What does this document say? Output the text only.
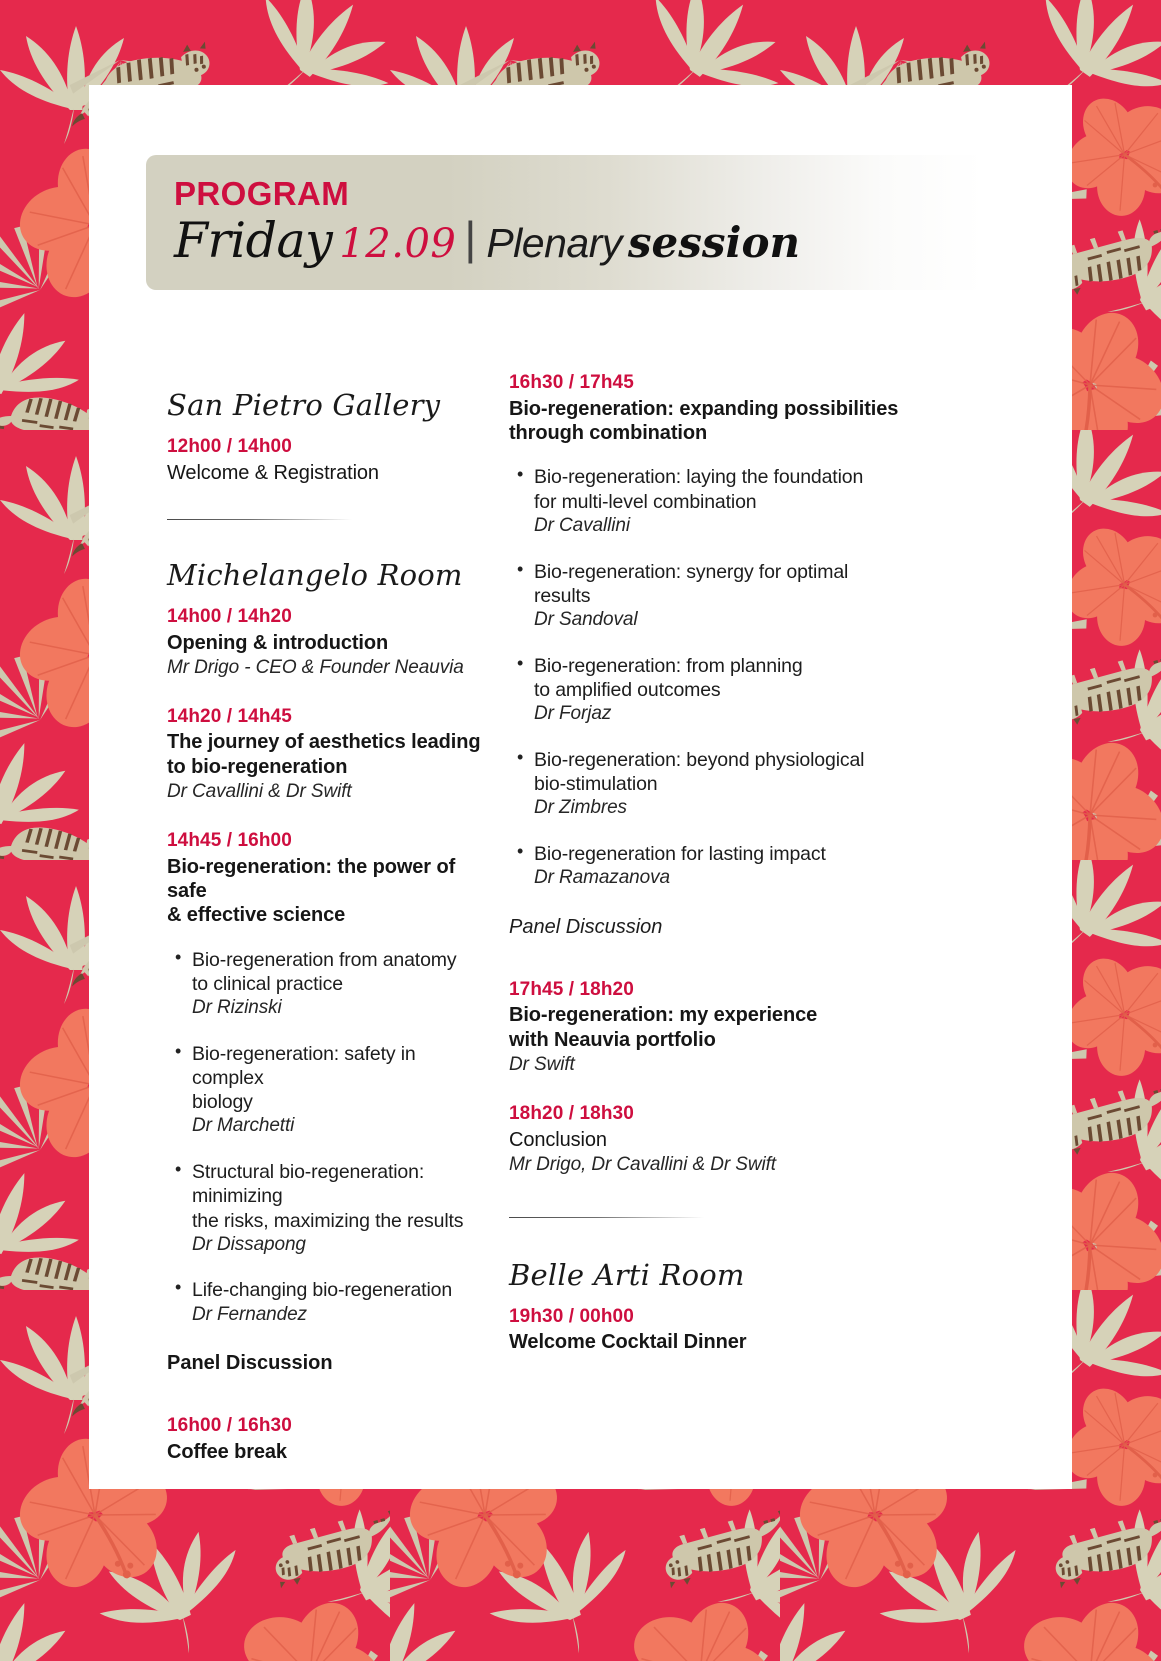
PROGRAM
Friday 12.09 | Plenary session
San Pietro Gallery
12h00 / 14h00
Welcome & Registration
Michelangelo Room
14h00 / 14h20
Opening & introduction
Mr Drigo - CEO & Founder Neauvia
14h20 / 14h45
The journey of aesthetics leading
to bio-regeneration
Dr Cavallini & Dr Swift
14h45 / 16h00
Bio-regeneration: the power of safe
& effective science
• Bio-regeneration from anatomy
to clinical practice
Dr Rizinski
• Bio-regeneration: safety in complex
biology
Dr Marchetti
• Structural bio-regeneration: minimizing
the risks, maximizing the results
Dr Dissapong
• Life-changing bio-regeneration
Dr Fernandez
Panel Discussion
16h00 / 16h30
Coffee break
16h30 / 17h45
Bio-regeneration: expanding possibilities
through combination
• Bio-regeneration: laying the foundation
for multi-level combination
Dr Cavallini
• Bio-regeneration: synergy for optimal
results
Dr Sandoval
• Bio-regeneration: from planning
to amplified outcomes
Dr Forjaz
• Bio-regeneration: beyond physiological
bio-stimulation
Dr Zimbres
• Bio-regeneration for lasting impact
Dr Ramazanova
Panel Discussion
17h45 / 18h20
Bio-regeneration: my experience
with Neauvia portfolio
Dr Swift
18h20 / 18h30
Conclusion
Mr Drigo, Dr Cavallini & Dr Swift
Belle Arti Room
19h30 / 00h00
Welcome Cocktail Dinner
